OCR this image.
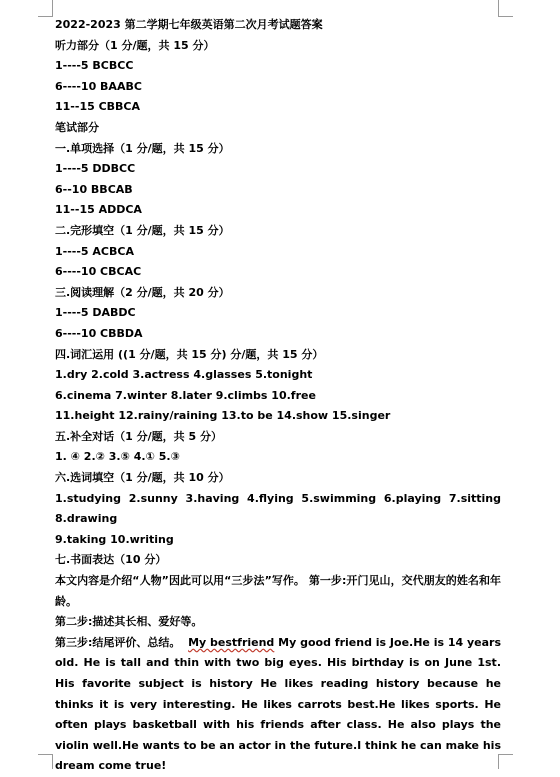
2022-2023 第二学期七年级英语第二次月考试题答案
听力部分（1 分/题，共 15 分）
1----5 BCBCC
6----10 BAABC
11--15 CBBCA
笔试部分
一.单项选择（1 分/题，共 15 分）
1----5 DDBCC
6--10 BBCAB
11--15 ADDCA
二.完形填空（1 分/题，共 15 分）
1----5 ACBCA
6----10 CBCAC
三.阅读理解（2 分/题，共 20 分）
1----5 DABDC
6----10 CBBDA
四.词汇运用 ((1 分/题，共 15 分) 分/题，共 15 分）
1.dry 2.cold 3.actress 4.glasses 5.tonight
6.cinema 7.winter 8.later 9.climbs 10.free
11.height 12.rainy/raining 13.to be 14.show 15.singer
五.补全对话（1 分/题，共 5 分）
1. ④ 2.② 3.⑤ 4.① 5.③
六.选词填空（1 分/题，共 10 分）
1.studying 2.sunny 3.having 4.flying 5.swimming 6.playing 7.sitting 8.drawing
9.taking 10.writing
七.书面表达（10 分）
本文内容是介绍“人物”因此可以用“三步法”写作。 第一步:开门见山，交代朋友的姓名和年龄。
第二步:描述其长相、爱好等。
第三步:结尾评价、总结。 My bestfriend My good friend is Joe.He is 14 years old. He is tall and thin with two big eyes. His birthday is on June 1st. His favorite subject is history He likes reading history because he thinks it is very interesting. He likes carrots best.He likes sports. He often plays basketball with his friends after class. He also plays the violin well.He wants to be an actor in the future.I think he can make his dream come true!
